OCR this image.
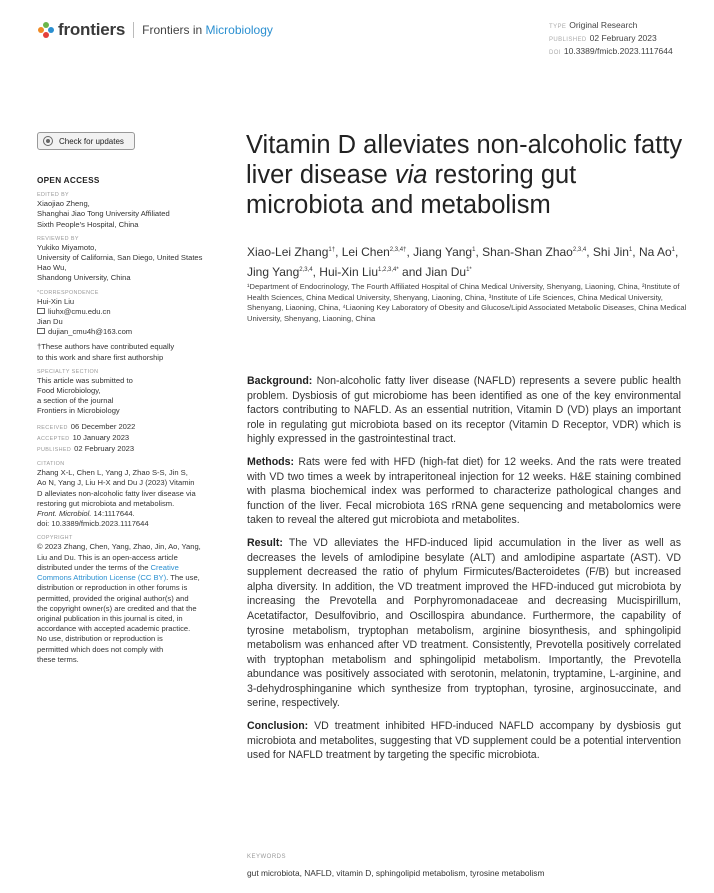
frontiers Frontiers in Microbiology	TYPE Original Research
PUBLISHED 02 February 2023
DOI 10.3389/fmicb.2023.1117644
Check for updates
OPEN ACCESS
EDITED BY
Xiaojiao Zheng,
Shanghai Jiao Tong University Affiliated
Sixth People's Hospital, China
REVIEWED BY
Yukiko Miyamoto,
University of California, San Diego, United States
Hao Wu,
Shandong University, China
*CORRESPONDENCE
Hui-Xin Liu
liuhx@cmu.edu.cn
Jian Du
dujian_cmu4h@163.com
†These authors have contributed equally
to this work and share first authorship
SPECIALTY SECTION
This article was submitted to
Food Microbiology,
a section of the journal
Frontiers in Microbiology
RECEIVED 06 December 2022
ACCEPTED 10 January 2023
PUBLISHED 02 February 2023
CITATION
Zhang X-L, Chen L, Yang J, Zhao S-S, Jin S,
Ao N, Yang J, Liu H-X and Du J (2023) Vitamin
D alleviates non-alcoholic fatty liver disease via
restoring gut microbiota and metabolism.
Front. Microbiol. 14:1117644.
doi: 10.3389/fmicb.2023.1117644
COPYRIGHT
© 2023 Zhang, Chen, Yang, Zhao, Jin, Ao, Yang,
Liu and Du. This is an open-access article
distributed under the terms of the Creative
Commons Attribution License (CC BY). The use,
distribution or reproduction in other forums is
permitted, provided the original author(s) and
the copyright owner(s) are credited and that the
original publication in this journal is cited, in
accordance with accepted academic practice.
No use, distribution or reproduction is
permitted which does not comply with
these terms.
Vitamin D alleviates non-alcoholic fatty liver disease via restoring gut microbiota and metabolism
Xiao-Lei Zhang$^{1\dagger}$, Lei Chen$^{2,3,4\dagger}$, Jiang Yang$^1$, Shan-Shan Zhao$^{2,3,4}$, Shi Jin$^1$, Na Ao$^1$, Jing Yang$^{2,3,4}$, Hui-Xin Liu$^{1,2,3,4*}$ and Jian $Du^{1*}$
¹Department of Endocrinology, The Fourth Affiliated Hospital of China Medical University, Shenyang, Liaoning, China, ²Institute of Health Sciences, China Medical University, Shenyang, Liaoning, China, ³Institute of Life Sciences, China Medical University, Shenyang, Liaoning, China, ⁴Liaoning Key Laboratory of Obesity and Glucose/Lipid Associated Metabolic Diseases, China Medical University, Shenyang, Liaoning, China

Background: Non-alcoholic fatty liver disease (NAFLD) represents a severe public health problem. Dysbiosis of gut microbiome has been identified as one of the key environmental factors contributing to NAFLD. As an essential nutrition, Vitamin D (VD) plays an important role in regulating gut microbiota based on its receptor (Vitamin D Receptor, VDR) which is highly expressed in the gastrointestinal tract.

Methods: Rats were fed with HFD (high-fat diet) for 12 weeks. And the rats were treated with VD two times a week by intraperitoneal injection for 12 weeks. H&E staining combined with plasma biochemical index was performed to characterize pathological changes and function of the liver. Fecal microbiota 16S rRNA gene sequencing and metabolomics were taken to reveal the altered gut microbiota and metabolites.

Result: The VD alleviates the HFD-induced lipid accumulation in the liver as well as decreases the levels of amlodipine besylate (ALT) and amlodipine aspartate (AST). VD supplement decreased the ratio of phylum Firmicutes/Bacteroidetes (F/B) but increased alpha diversity. In addition, the VD treatment improved the HFD-induced gut microbiota by increasing the Prevotella and Porphyromonadaceae and decreasing Mucispirillum, Acetatifactor, Desulfovibrio, and Oscillospira abundance. Furthermore, the capability of tyrosine metabolism, tryptophan metabolism, arginine biosynthesis, and sphingolipid metabolism was enhanced after VD treatment. Consistently, Prevotella positively correlated with tryptophan metabolism and sphingolipid metabolism. Importantly, the Prevotella abundance was positively associated with serotonin, melatonin, tryptamine, L-arginine, and 3-dehydrosphinganine which synthesize from tryptophan, tyrosine, arginosuccinate, and serine, respectively.

Conclusion: VD treatment inhibited HFD-induced NAFLD accompany by dysbiosis gut microbiota and metabolites, suggesting that VD supplement could be a potential intervention used for NAFLD treatment by targeting the specific microbiota.

KEYWORDS
gut microbiota, NAFLD, vitamin D, sphingolipid metabolism, tyrosine metabolism
